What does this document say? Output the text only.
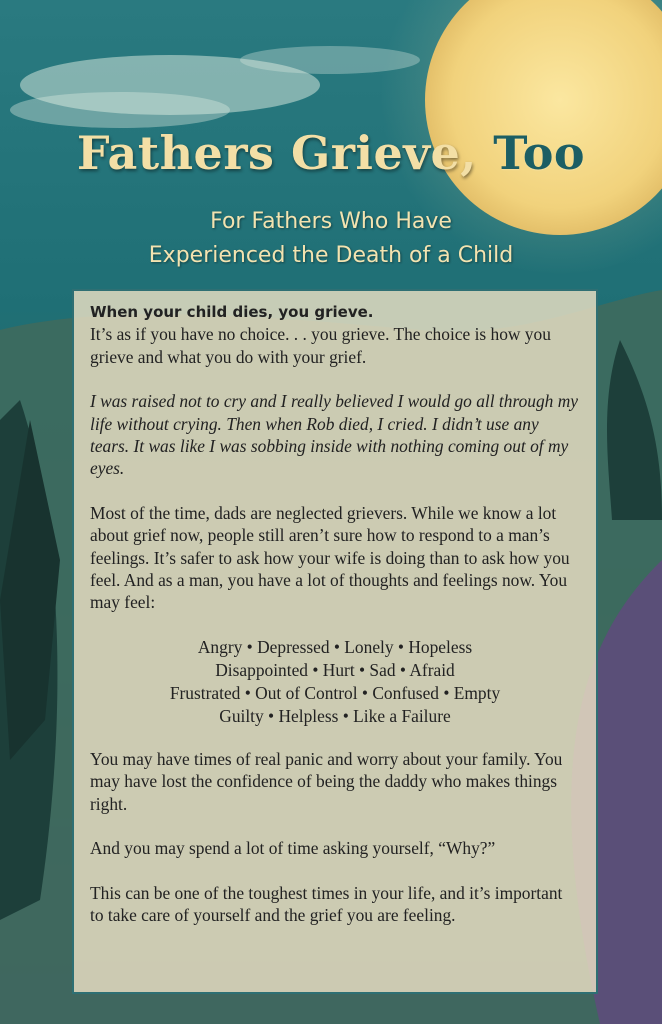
Fathers Grieve, Too
For Fathers Who Have
Experienced the Death of a Child

When your child dies, you grieve.
It’s as if you have no choice. . . you grieve. The choice is how you grieve and what you do with your grief.

I was raised not to cry and I really believed I would go all through my life without crying. Then when Rob died, I cried. I didn’t use any tears. It was like I was sobbing inside with nothing coming out of my eyes.

Most of the time, dads are neglected grievers. While we know a lot about grief now, people still aren’t sure how to respond to a man’s feelings. It’s safer to ask how your wife is doing than to ask how you feel. And as a man, you have a lot of thoughts and feelings now. You may feel:

Angry • Depressed • Lonely • Hopeless
Disappointed • Hurt • Sad • Afraid
Frustrated • Out of Control • Confused • Empty
Guilty • Helpless • Like a Failure

You may have times of real panic and worry about your family. You may have lost the confidence of being the daddy who makes things right.

And you may spend a lot of time asking yourself, “Why?”

This can be one of the toughest times in your life, and it’s important to take care of yourself and the grief you are feeling.
